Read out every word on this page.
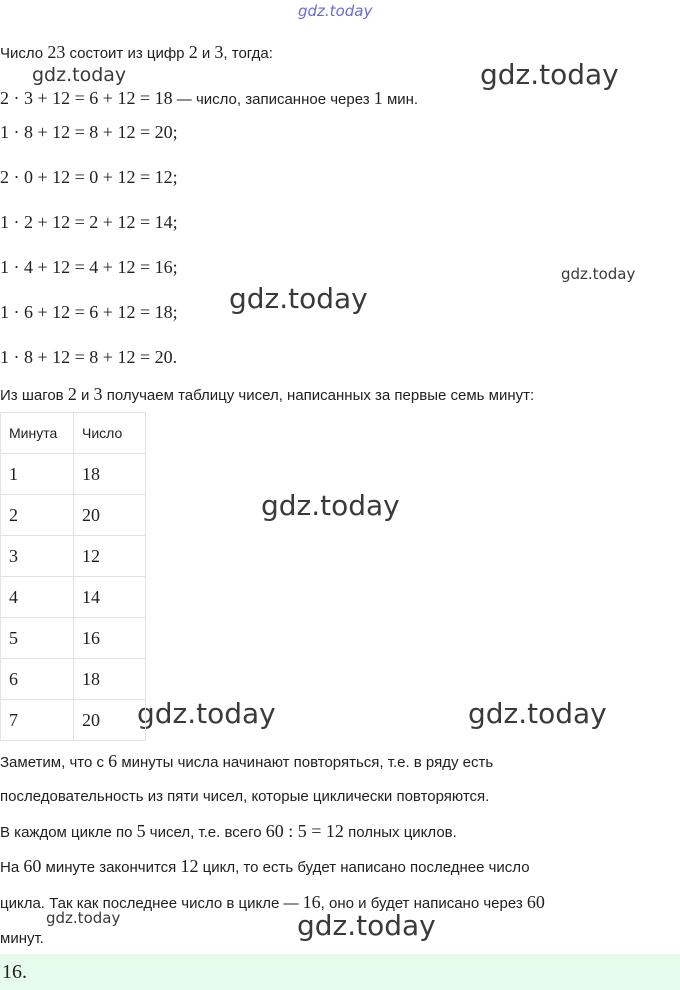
gdz.today
gdz.today	gdz.today
gdz.today
gdz.today
gdz.today
gdz.today	gdz.today
gdz.today	gdz.today
Число 23 состоит из цифр 2 и 3, тогда:
2 · 3 + 12 = 6 + 12 = 18 — число, записанное через 1 мин.
1 · 8 + 12 = 8 + 12 = 20;
2 · 0 + 12 = 0 + 12 = 12;
1 · 2 + 12 = 2 + 12 = 14;
1 · 4 + 12 = 4 + 12 = 16;
1 · 6 + 12 = 6 + 12 = 18;
1 · 8 + 12 = 8 + 12 = 20.
Из шагов 2 и 3 получаем таблицу чисел, написанных за первые семь минут:
Минута	Число
1	18
2	20
3	12
4	14
5	16
6	18
7	20
Заметим, что с 6 минуты числа начинают повторяться, т.е. в ряду есть
последовательность из пяти чисел, которые циклически повторяются.
В каждом цикле по 5 чисел, т.е. всего 60 : 5 = 12 полных циклов.
На 60 минуте закончится 12 цикл, то есть будет написано последнее число
цикла. Так как последнее число в цикле — 16, оно и будет написано через 60
минут.
16.
